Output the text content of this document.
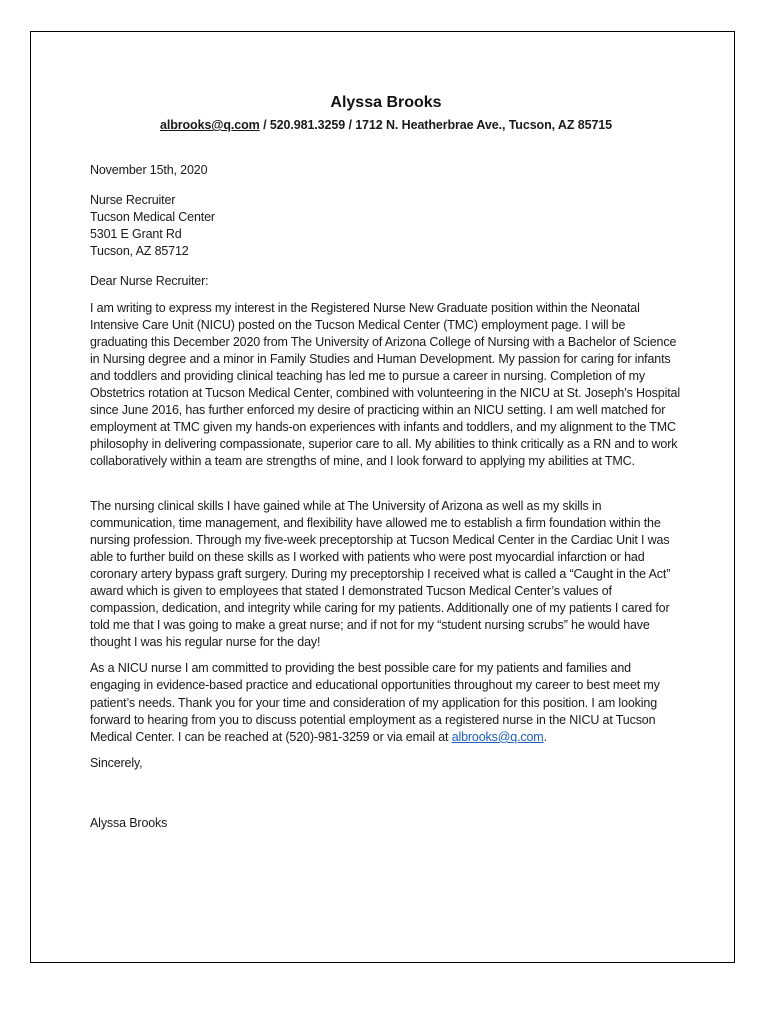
Alyssa Brooks
albrooks@q.com / 520.981.3259 / 1712 N. Heatherbrae Ave., Tucson, AZ 85715
November 15th, 2020
Nurse Recruiter
Tucson Medical Center
5301 E Grant Rd
Tucson, AZ 85712
Dear Nurse Recruiter:
I am writing to express my interest in the Registered Nurse New Graduate position within the Neonatal Intensive Care Unit (NICU) posted on the Tucson Medical Center (TMC) employment page. I will be graduating this December 2020 from The University of Arizona College of Nursing with a Bachelor of Science in Nursing degree and a minor in Family Studies and Human Development. My passion for caring for infants and toddlers and providing clinical teaching has led me to pursue a career in nursing. Completion of my Obstetrics rotation at Tucson Medical Center, combined with volunteering in the NICU at St. Joseph’s Hospital since June 2016, has further enforced my desire of practicing within an NICU setting. I am well matched for employment at TMC given my hands-on experiences with infants and toddlers, and my alignment to the TMC philosophy in delivering compassionate, superior care to all. My abilities to think critically as a RN and to work collaboratively within a team are strengths of mine, and I look forward to applying my abilities at TMC.
The nursing clinical skills I have gained while at The University of Arizona as well as my skills in communication, time management, and flexibility have allowed me to establish a firm foundation within the nursing profession. Through my five-week preceptorship at Tucson Medical Center in the Cardiac Unit I was able to further build on these skills as I worked with patients who were post myocardial infarction or had coronary artery bypass graft surgery. During my preceptorship I received what is called a “Caught in the Act” award which is given to employees that stated I demonstrated Tucson Medical Center’s values of compassion, dedication, and integrity while caring for my patients. Additionally one of my patients I cared for told me that I was going to make a great nurse; and if not for my “student nursing scrubs” he would have thought I was his regular nurse for the day!
As a NICU nurse I am committed to providing the best possible care for my patients and families and engaging in evidence-based practice and educational opportunities throughout my career to best meet my patient’s needs. Thank you for your time and consideration of my application for this position. I am looking forward to hearing from you to discuss potential employment as a registered nurse in the NICU at Tucson Medical Center. I can be reached at (520)-981-3259 or via email at albrooks@q.com.
Sincerely,
Alyssa Brooks
